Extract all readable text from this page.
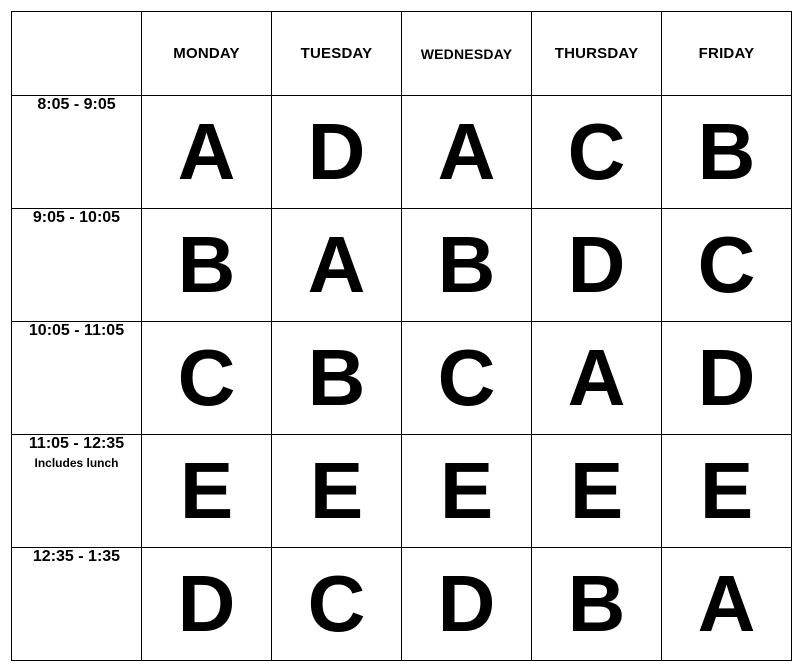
	MONDAY	TUESDAY	WEDNESDAY	THURSDAY	FRIDAY

8:05 - 9:05	A	D	A	C	B

9:05 - 10:05	B	A	B	D	C

10:05 - 11:05	C	B	C	A	D

11:05 - 12:35
Includes lunch	E	E	E	E	E

12:35 - 1:35	D	C	D	B	A
